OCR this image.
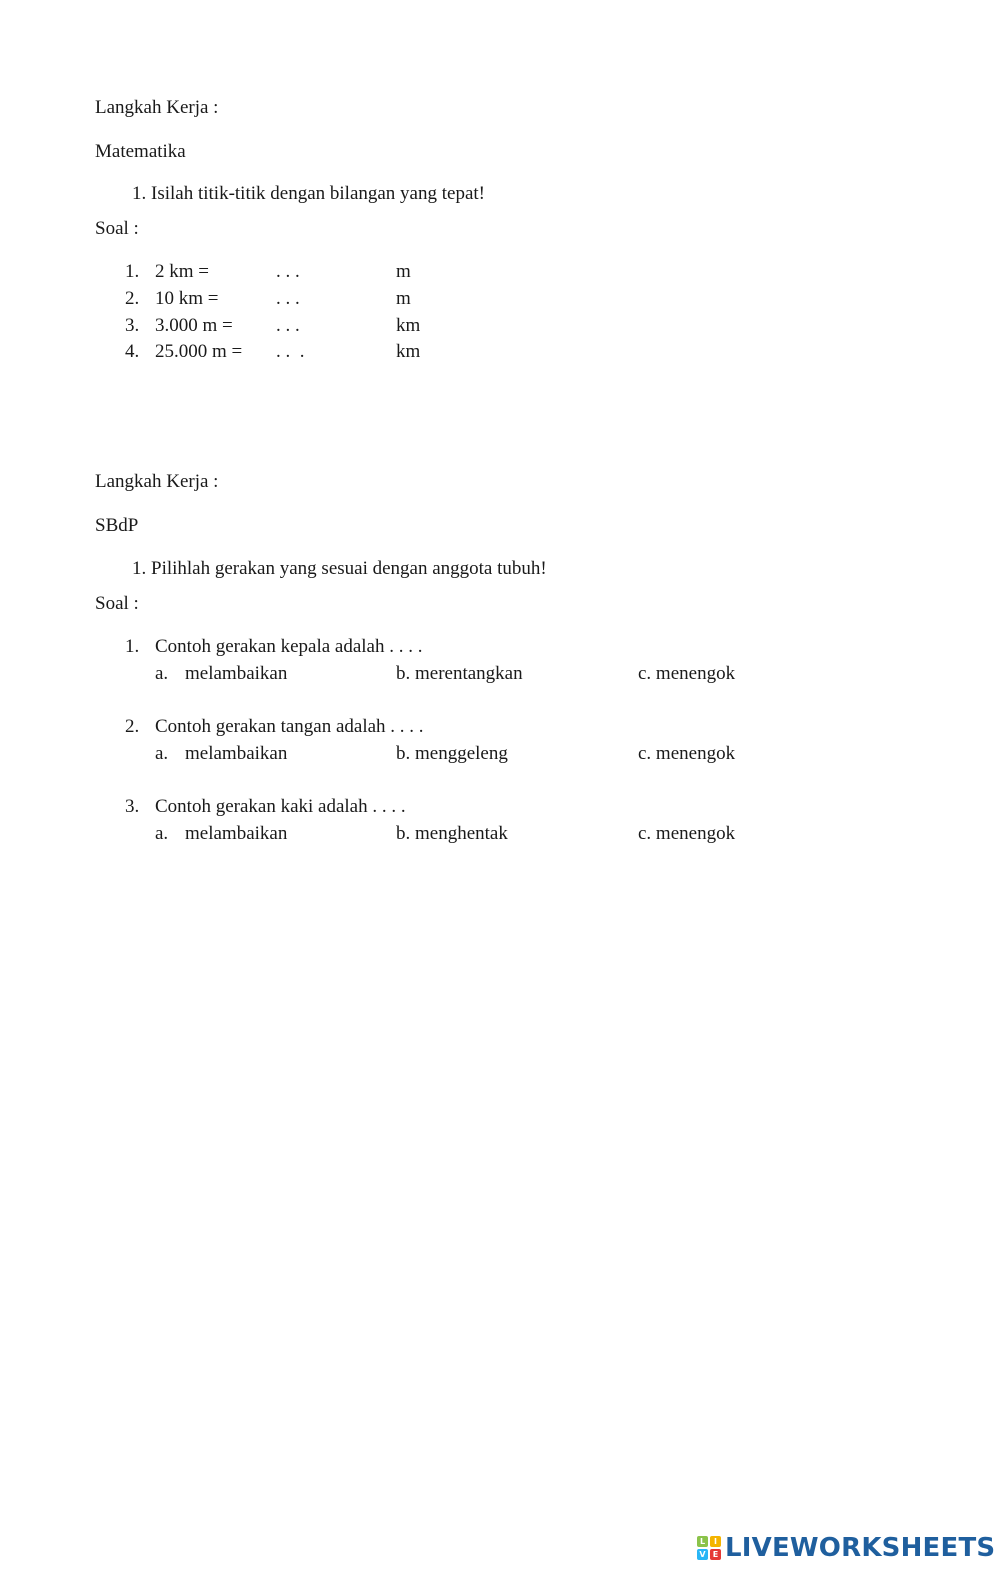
Langkah Kerja :
Matematika
1. Isilah titik-titik dengan bilangan yang tepat!
Soal :
1. 2 km =	. . .	m
2. 10 km =	. . .	m
3. 3.000 m = . . .	km
4. 25.000 m = . .  .	km
Langkah Kerja :
SBdP
1. Pilihlah gerakan yang sesuai dengan anggota tubuh!
Soal :
1. Contoh gerakan kepala adalah . . . .
a. melambaikan	b. merentangkan	c. menengok
2. Contoh gerakan tangan adalah . . . .
a. melambaikan	b. menggeleng	c. menengok
3. Contoh gerakan kaki adalah . . . .
a. melambaikan	b. menghentak	c. menengok
L	I
V E LIVEWORKSHEETS
